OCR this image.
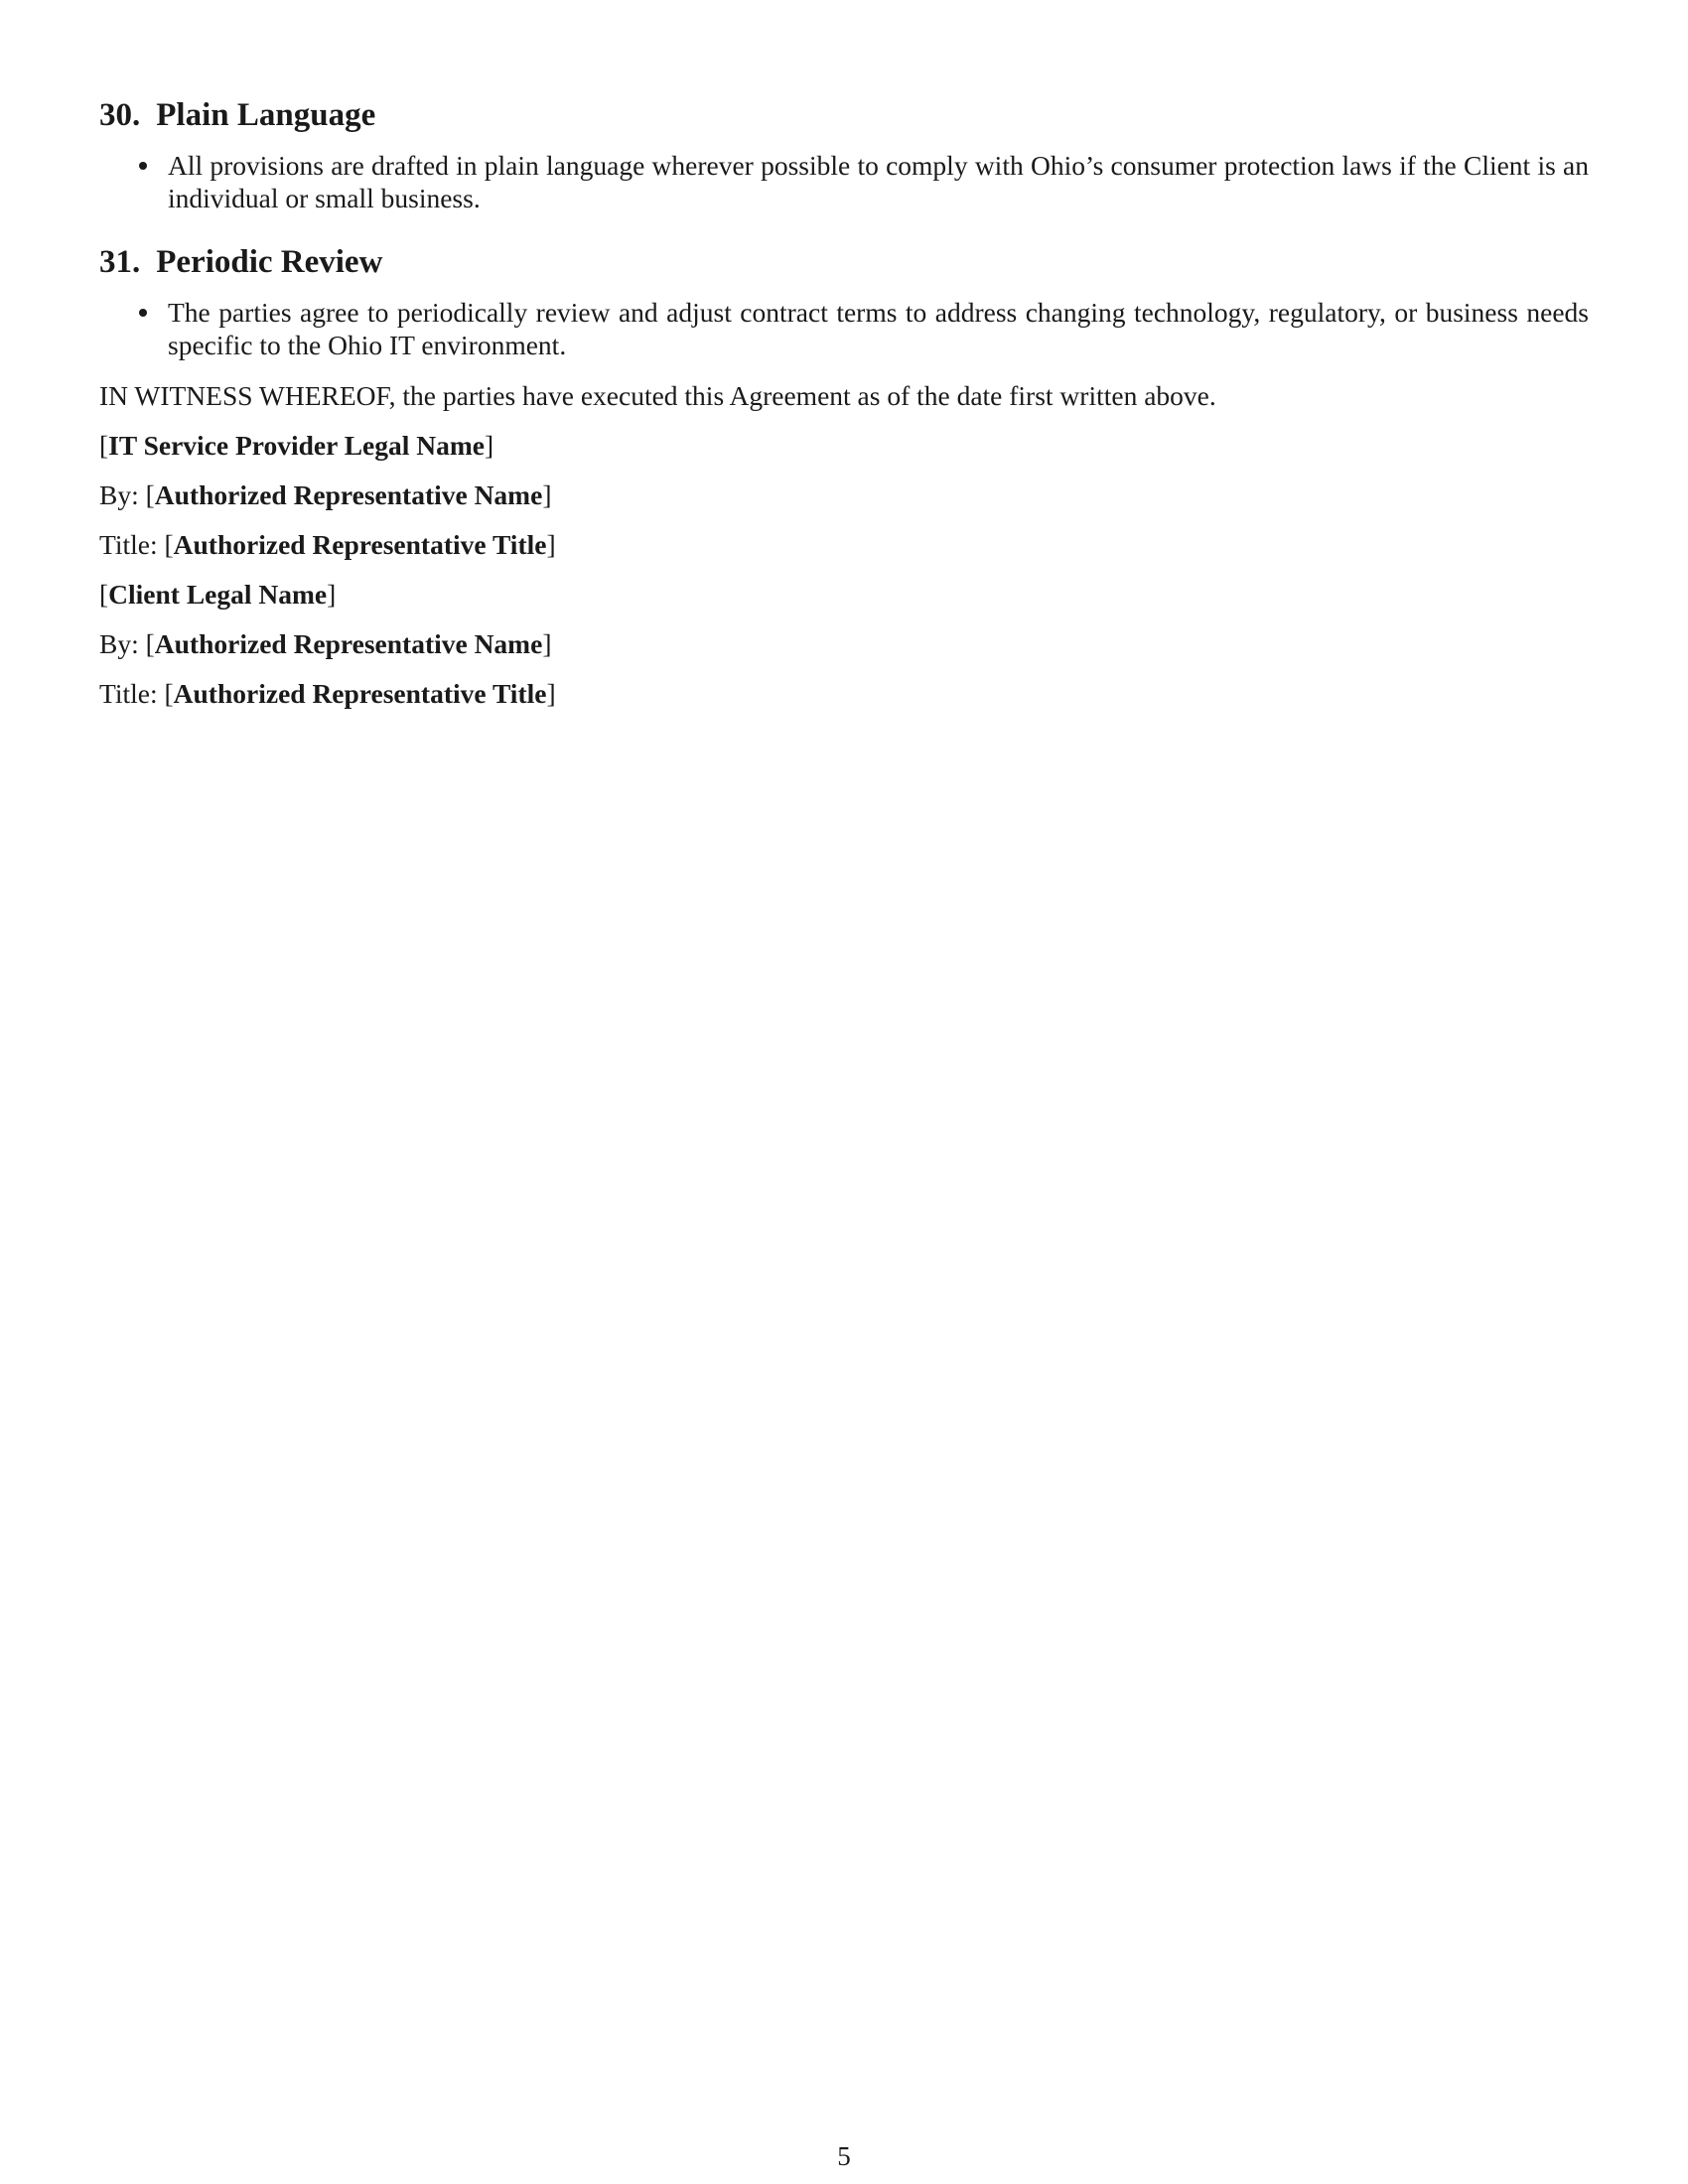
30. Plain Language
All provisions are drafted in plain language wherever possible to comply with Ohio’s consumer protection laws if the Client is an individual or small business.
31. Periodic Review
The parties agree to periodically review and adjust contract terms to address changing technology, regulatory, or business needs specific to the Ohio IT environment.

IN WITNESS WHEREOF, the parties have executed this Agreement as of the date first written above.

[IT Service Provider Legal Name]

By: [Authorized Representative Name]

Title: [Authorized Representative Title]

[Client Legal Name]

By: [Authorized Representative Name]

Title: [Authorized Representative Title]

5
